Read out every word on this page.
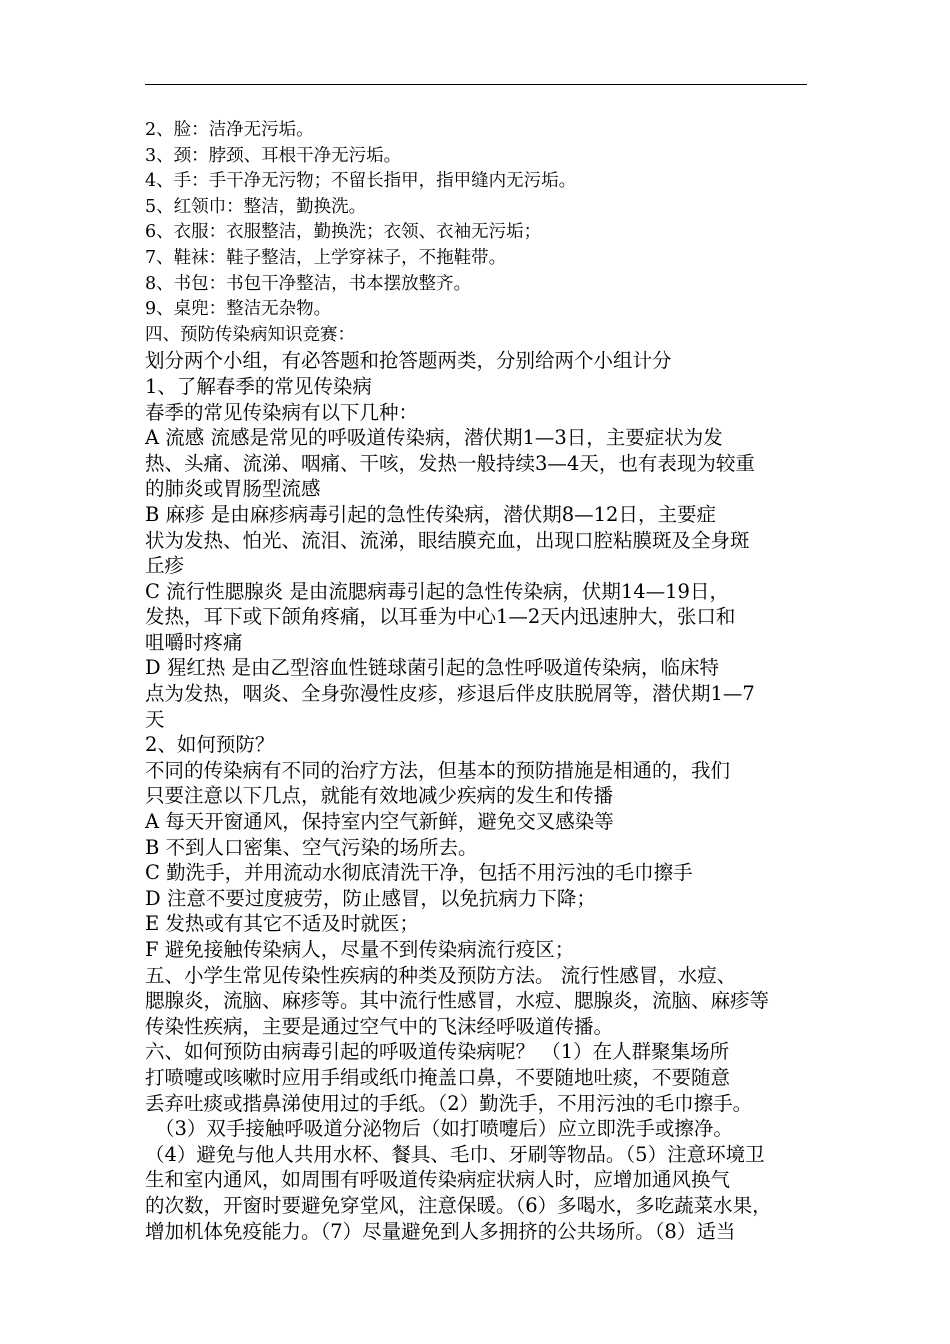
2、脸：洁净无污垢。

3、颈：脖颈、耳根干净无污垢。

4、手：手干净无污物；不留长指甲，指甲缝内无污垢。

5、红领巾：整洁，勤换洗。

6、衣服：衣服整洁，勤换洗；衣领、衣袖无污垢；

7、鞋袜：鞋子整洁，上学穿袜子，不拖鞋带。

8、书包：书包干净整洁，书本摆放整齐。

9、桌兜：整洁无杂物。

四、预防传染病知识竞赛：

划分两个小组，有必答题和抢答题两类，分别给两个小组计分

1、了解春季的常见传染病

春季的常见传染病有以下几种：

A 流感 流感是常见的呼吸道传染病，潜伏期1—3日，主要症状为发

热、头痛、流涕、咽痛、干咳，发热一般持续3—4天，也有表现为较重

的肺炎或胃肠型流感

B 麻疹 是由麻疹病毒引起的急性传染病，潜伏期8—12日，主要症

状为发热、怕光、流泪、流涕，眼结膜充血，出现口腔粘膜斑及全身斑

丘疹

C 流行性腮腺炎 是由流腮病毒引起的急性传染病，伏期14—19日，

发热，耳下或下颌角疼痛，以耳垂为中心1—2天内迅速肿大，张口和

咀嚼时疼痛

D 猩红热 是由乙型溶血性链球菌引起的急性呼吸道传染病，临床特

点为发热，咽炎、全身弥漫性皮疹，疹退后伴皮肤脱屑等，潜伏期1—7

天

2、如何预防？

不同的传染病有不同的治疗方法，但基本的预防措施是相通的，我们

只要注意以下几点，就能有效地减少疾病的发生和传播

A 每天开窗通风，保持室内空气新鲜，避免交叉感染等

B 不到人口密集、空气污染的场所去。

C 勤洗手，并用流动水彻底清洗干净，包括不用污浊的毛巾擦手

D 注意不要过度疲劳，防止感冒，以免抗病力下降；

E 发热或有其它不适及时就医；

F 避免接触传染病人，尽量不到传染病流行疫区；

五、小学生常见传染性疾病的种类及预防方法。 流行性感冒，水痘、

腮腺炎，流脑、麻疹等。其中流行性感冒，水痘、腮腺炎，流脑、麻疹等

传染性疾病，主要是通过空气中的飞沫经呼吸道传播。

六、如何预防由病毒引起的呼吸道传染病呢？ （1）在人群聚集场所

打喷嚏或咳嗽时应用手绢或纸巾掩盖口鼻，不要随地吐痰，不要随意

丢弃吐痰或揩鼻涕使用过的手纸。（2）勤洗手，不用污浊的毛巾擦手。

（3）双手接触呼吸道分泌物后（如打喷嚏后）应立即洗手或擦净。

（4）避免与他人共用水杯、餐具、毛巾、牙刷等物品。（5）注意环境卫

生和室内通风，如周围有呼吸道传染病症状病人时，应增加通风换气

的次数，开窗时要避免穿堂风，注意保暖。（6）多喝水，多吃蔬菜水果，

增加机体免疫能力。（7）尽量避免到人多拥挤的公共场所。（8）适当
